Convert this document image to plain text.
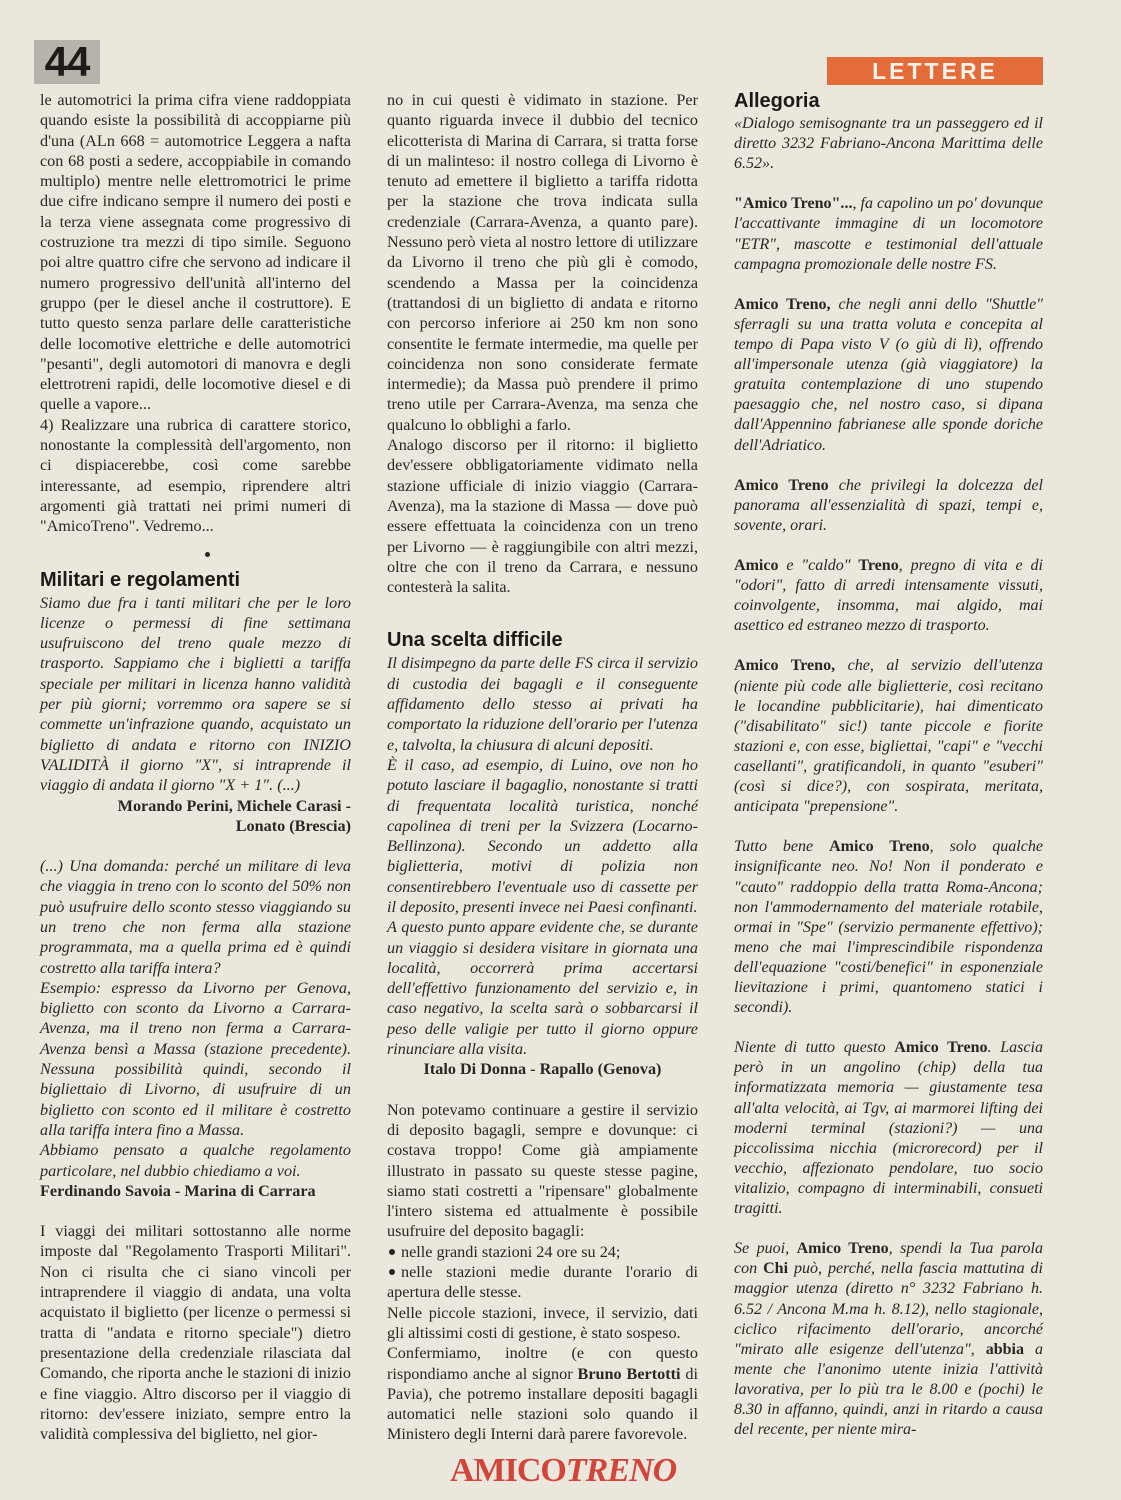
44	LETTERE

le automotrici la prima cifra viene raddoppiata quando esiste la possibilità di accoppiarne più d'una (ALn 668 = automotrice Leggera a nafta con 68 posti a sedere, accoppiabile in comando multiplo) mentre nelle elettromotrici le prime due cifre indicano sempre il numero dei posti e la terza viene assegnata come progressivo di costruzione tra mezzi di tipo simile. Seguono poi altre quattro cifre che servono ad indicare il numero progressivo dell'unità all'interno del gruppo (per le diesel anche il costruttore). E tutto questo senza parlare delle caratteristiche delle locomotive elettriche e delle automotrici "pesanti", degli automotori di manovra e degli elettrotreni rapidi, delle locomotive diesel e di quelle a vapore...

4) Realizzare una rubrica di carattere storico, nonostante la complessità dell'argomento, non ci dispiacerebbe, così come sarebbe interessante, ad esempio, riprendere altri argomenti già trattati nei primi numeri di "AmicoTreno". Vedremo...

Militari e regolamenti

Siamo due fra i tanti militari che per le loro licenze o permessi di fine settimana usufruiscono del treno quale mezzo di trasporto. Sappiamo che i biglietti a tariffa speciale per militari in licenza hanno validità per più giorni; vorremmo ora sapere se si commette un'infrazione quando, acquistato un biglietto di andata e ritorno con INIZIO VALIDITÀ il giorno "X", si intraprende il viaggio di andata il giorno "X + 1". (...)

Morando Perini, Michele Carasi -

Lonato (Brescia)

(...) Una domanda: perché un militare di leva che viaggia in treno con lo sconto del 50% non può usufruire dello sconto stesso viaggiando su un treno che non ferma alla stazione programmata, ma a quella prima ed è quindi costretto alla tariffa intera?

Esempio: espresso da Livorno per Genova, biglietto con sconto da Livorno a Carrara-Avenza, ma il treno non ferma a Carrara-Avenza bensì a Massa (stazione precedente). Nessuna possibilità quindi, secondo il bigliettaio di Livorno, di usufruire di un biglietto con sconto ed il militare è costretto alla tariffa intera fino a Massa.

Abbiamo pensato a qualche regolamento particolare, nel dubbio chiediamo a voi.

Ferdinando Savoia - Marina di Carrara

I viaggi dei militari sottostanno alle norme imposte dal "Regolamento Trasporti Militari". Non ci risulta che ci siano vincoli per intraprendere il viaggio di andata, una volta acquistato il biglietto (per licenze o permessi si tratta di "andata e ritorno speciale") dietro presentazione della credenziale rilasciata dal Comando, che riporta anche le stazioni di inizio e fine viaggio. Altro discorso per il viaggio di ritorno: dev'essere iniziato, sempre entro la validità complessiva del biglietto, nel gior-

no in cui questi è vidimato in stazione. Per quanto riguarda invece il dubbio del tecnico elicotterista di Marina di Carrara, si tratta forse di un malinteso: il nostro collega di Livorno è tenuto ad emettere il biglietto a tariffa ridotta per la stazione che trova indicata sulla credenziale (Carrara-Avenza, a quanto pare). Nessuno però vieta al nostro lettore di utilizzare da Livorno il treno che più gli è comodo, scendendo a Massa per la coincidenza (trattandosi di un biglietto di andata e ritorno con percorso inferiore ai 250 km non sono consentite le fermate intermedie, ma quelle per coincidenza non sono considerate fermate intermedie); da Massa può prendere il primo treno utile per Carrara-Avenza, ma senza che qualcuno lo obblighi a farlo.

Analogo discorso per il ritorno: il biglietto dev'essere obbligatoriamente vidimato nella stazione ufficiale di inizio viaggio (Carrara-Avenza), ma la stazione di Massa — dove può essere effettuata la coincidenza con un treno per Livorno — è raggiungibile con altri mezzi, oltre che con il treno da Carrara, e nessuno contesterà la salita.

Una scelta difficile

Il disimpegno da parte delle FS circa il servizio di custodia dei bagagli e il conseguente affidamento dello stesso ai privati ha comportato la riduzione dell'orario per l'utenza e, talvolta, la chiusura di alcuni depositi.

È il caso, ad esempio, di Luino, ove non ho potuto lasciare il bagaglio, nonostante si tratti di frequentata località turistica, nonché capolinea di treni per la Svizzera (Locarno-Bellinzona). Secondo un addetto alla biglietteria, motivi di polizia non consentirebbero l'eventuale uso di cassette per il deposito, presenti invece nei Paesi confinanti.

A questo punto appare evidente che, se durante un viaggio si desidera visitare in giornata una località, occorrerà prima accertarsi dell'effettivo funzionamento del servizio e, in caso negativo, la scelta sarà o sobbarcarsi il peso delle valigie per tutto il giorno oppure rinunciare alla visita.

Italo Di Donna - Rapallo (Genova)

Non potevamo continuare a gestire il servizio di deposito bagagli, sempre e dovunque: ci costava troppo! Come già ampiamente illustrato in passato su queste stesse pagine, siamo stati costretti a "ripensare" globalmente l'intero sistema ed attualmente è possibile usufruire del deposito bagagli:

nelle grandi stazioni 24 ore su 24;

nelle stazioni medie durante l'orario di apertura delle stesse.

Nelle piccole stazioni, invece, il servizio, dati gli altissimi costi di gestione, è stato sospeso.

Confermiamo, inoltre (e con questo rispondiamo anche al signor Bruno Bertotti di Pavia), che potremo installare depositi bagagli automatici nelle stazioni solo quando il Ministero degli Interni darà parere favorevole.

Allegoria

«Dialogo semisognante tra un passeggero ed il diretto 3232 Fabriano-Ancona Marittima delle 6.52».

"Amico Treno"..., fa capolino un po' dovunque l'accattivante immagine di un locomotore "ETR", mascotte e testimonial dell'attuale campagna promozionale delle nostre FS.

Amico Treno, che negli anni dello "Shuttle" sferragli su una tratta voluta e concepita al tempo di Papa visto V (o giù di lì), offrendo all'impersonale utenza (già viaggiatore) la gratuita contemplazione di uno stupendo paesaggio che, nel nostro caso, si dipana dall'Appennino fabrianese alle sponde doriche dell'Adriatico.

Amico Treno che privilegi la dolcezza del panorama all'essenzialità di spazi, tempi e, sovente, orari.

Amico e "caldo" Treno, pregno di vita e di "odori", fatto di arredi intensamente vissuti, coinvolgente, insomma, mai algido, mai asettico ed estraneo mezzo di trasporto.

Amico Treno, che, al servizio dell'utenza (niente più code alle biglietterie, così recitano le locandine pubblicitarie), hai dimenticato ("disabilitato" sic!) tante piccole e fiorite stazioni e, con esse, bigliettai, "capi" e "vecchi casellanti", gratificandoli, in quanto "esuberi" (così si dice?), con sospirata, meritata, anticipata "prepensione".

Tutto bene Amico Treno, solo qualche insignificante neo. No! Non il ponderato e "cauto" raddoppio della tratta Roma-Ancona; non l'ammodernamento del materiale rotabile, ormai in "Spe" (servizio permanente effettivo); meno che mai l'imprescindibile rispondenza dell'equazione "costi/benefici" in esponenziale lievitazione i primi, quantomeno statici i secondi).

Niente di tutto questo Amico Treno. Lascia però in un angolino (chip) della tua informatizzata memoria — giustamente tesa all'alta velocità, ai Tgv, ai marmorei lifting dei moderni terminal (stazioni?) — una piccolissima nicchia (microrecord) per il vecchio, affezionato pendolare, tuo socio vitalizio, compagno di interminabili, consueti tragitti.

Se puoi, Amico Treno, spendi la Tua parola con Chi può, perché, nella fascia mattutina di maggior utenza (diretto n° 3232 Fabriano h. 6.52 / Ancona M.ma h. 8.12), nello stagionale, ciclico rifacimento dell'orario, ancorché "mirato alle esigenze dell'utenza", abbia a mente che l'anonimo utente inizia l'attività lavorativa, per lo più tra le 8.00 e (pochi) le 8.30 in affanno, quindi, anzi in ritardo a causa del recente, per niente mira-

AMICOTRENO
